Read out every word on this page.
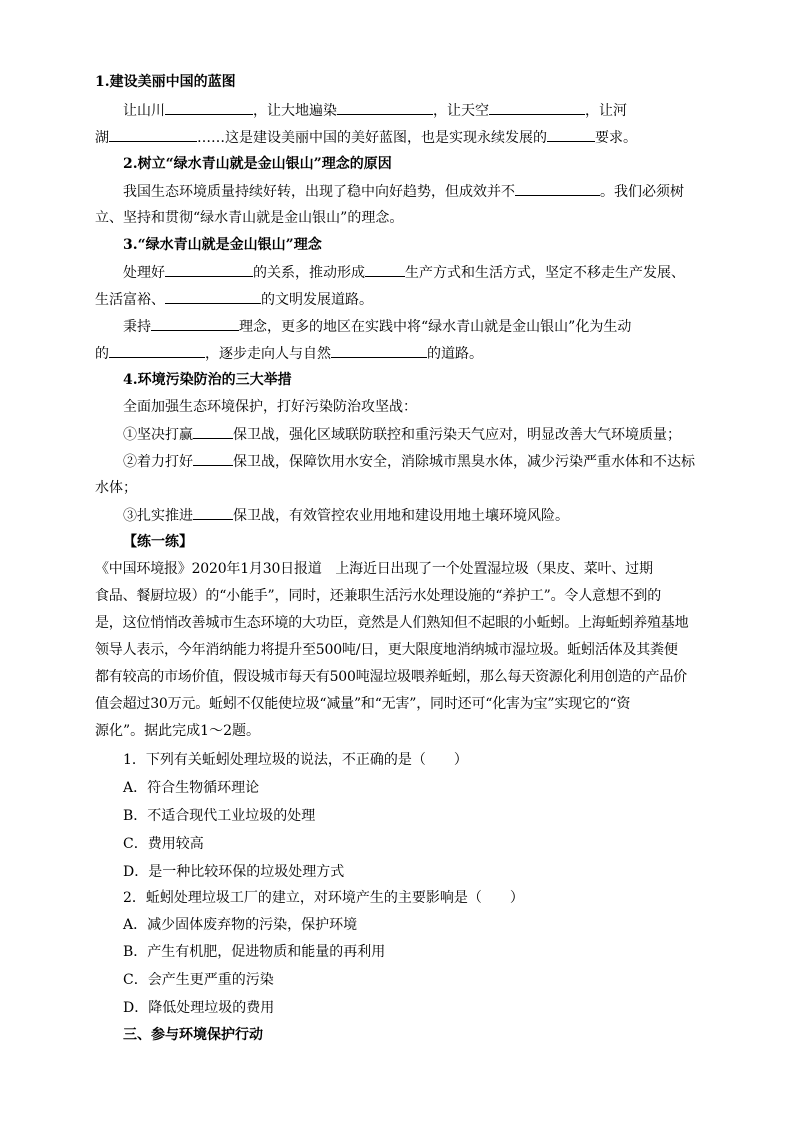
1.建设美丽中国的蓝图
让山川	，让大地遍染	，让天空	，让河
湖	……这是建设美丽中国的美好蓝图，也是实现永续发展的	要求。
2.树立“绿水青山就是金山银山”理念的原因
我国生态环境质量持续好转，出现了稳中向好趋势，但成效并不	。我们必须树
立、坚持和贯彻“绿水青山就是金山银山”的理念。
3.“绿水青山就是金山银山”理念
处理好	的关系，推动形成	生产方式和生活方式，坚定不移走生产发展、
生活富裕、	的文明发展道路。
秉持	理念，更多的地区在实践中将“绿水青山就是金山银山”化为生动
的	，逐步走向人与自然	的道路。
4.环境污染防治的三大举措
全面加强生态环境保护，打好污染防治攻坚战：
①坚决打赢	保卫战，强化区域联防联控和重污染天气应对，明显改善大气环境质量；
②着力打好	保卫战，保障饮用水安全，消除城市黑臭水体，减少污染严重水体和不达标
水体；
③扎实推进	保卫战，有效管控农业用地和建设用地土壤环境风险。
【练一练】
《中国环境报》2020年1月30日报道　上海近日出现了一个处置湿垃圾（果皮、菜叶、过期
食品、餐厨垃圾）的“小能手”，同时，还兼职生活污水处理设施的“养护工”。令人意想不到的
是，这位悄悄改善城市生态环境的大功臣，竟然是人们熟知但不起眼的小蚯蚓。上海蚯蚓养殖基地
领导人表示，今年消纳能力将提升至500吨/日，更大限度地消纳城市湿垃圾。蚯蚓活体及其粪便
都有较高的市场价值，假设城市每天有500吨湿垃圾喂养蚯蚓，那么每天资源化利用创造的产品价
值会超过30万元。蚯蚓不仅能使垃圾“减量”和“无害”，同时还可“化害为宝”实现它的“资
源化”。据此完成1～2题。
1．下列有关蚯蚓处理垃圾的说法，不正确的是（　　）
A．符合生物循环理论
B．不适合现代工业垃圾的处理
C．费用较高
D．是一种比较环保的垃圾处理方式
2．蚯蚓处理垃圾工厂的建立，对环境产生的主要影响是（　　）
A．减少固体废弃物的污染，保护环境
B．产生有机肥，促进物质和能量的再利用
C．会产生更严重的污染
D．降低处理垃圾的费用
三、参与环境保护行动
